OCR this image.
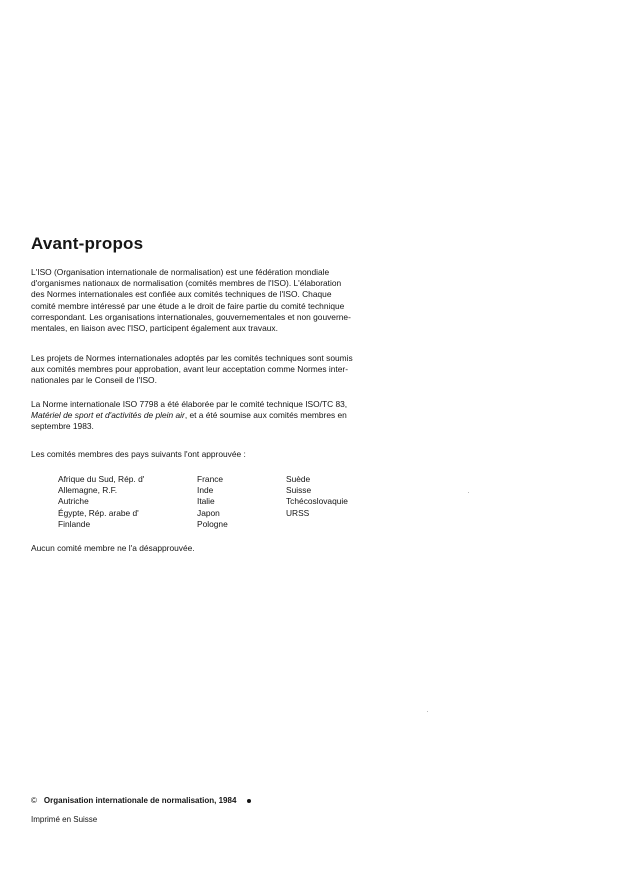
Avant-propos

L'ISO (Organisation internationale de normalisation) est une fédération mondiale
d'organismes nationaux de normalisation (comités membres de l'ISO). L'élaboration
des Normes internationales est confiée aux comités techniques de l'ISO. Chaque
comité membre intéressé par une étude a le droit de faire partie du comité technique
correspondant. Les organisations internationales, gouvernementales et non gouverne-
mentales, en liaison avec l'ISO, participent également aux travaux.

Les projets de Normes internationales adoptés par les comités techniques sont soumis
aux comités membres pour approbation, avant leur acceptation comme Normes inter-
nationales par le Conseil de l'ISO.

La Norme internationale ISO 7798 a été élaborée par le comité technique ISO/TC 83,
Matériel de sport et d'activités de plein air, et a été soumise aux comités membres en
septembre 1983.

Les comités membres des pays suivants l'ont approuvée :

Afrique du Sud, Rép. d'
Allemagne, R.F.
Autriche
Égypte, Rép. arabe d'
Finlande
France
Inde
Italie
Japon
Pologne
Suède
Suisse
Tchécoslovaquie
URSS

Aucun comité membre ne l'a désapprouvée.

© Organisation internationale de normalisation, 1984

Imprimé en Suisse
